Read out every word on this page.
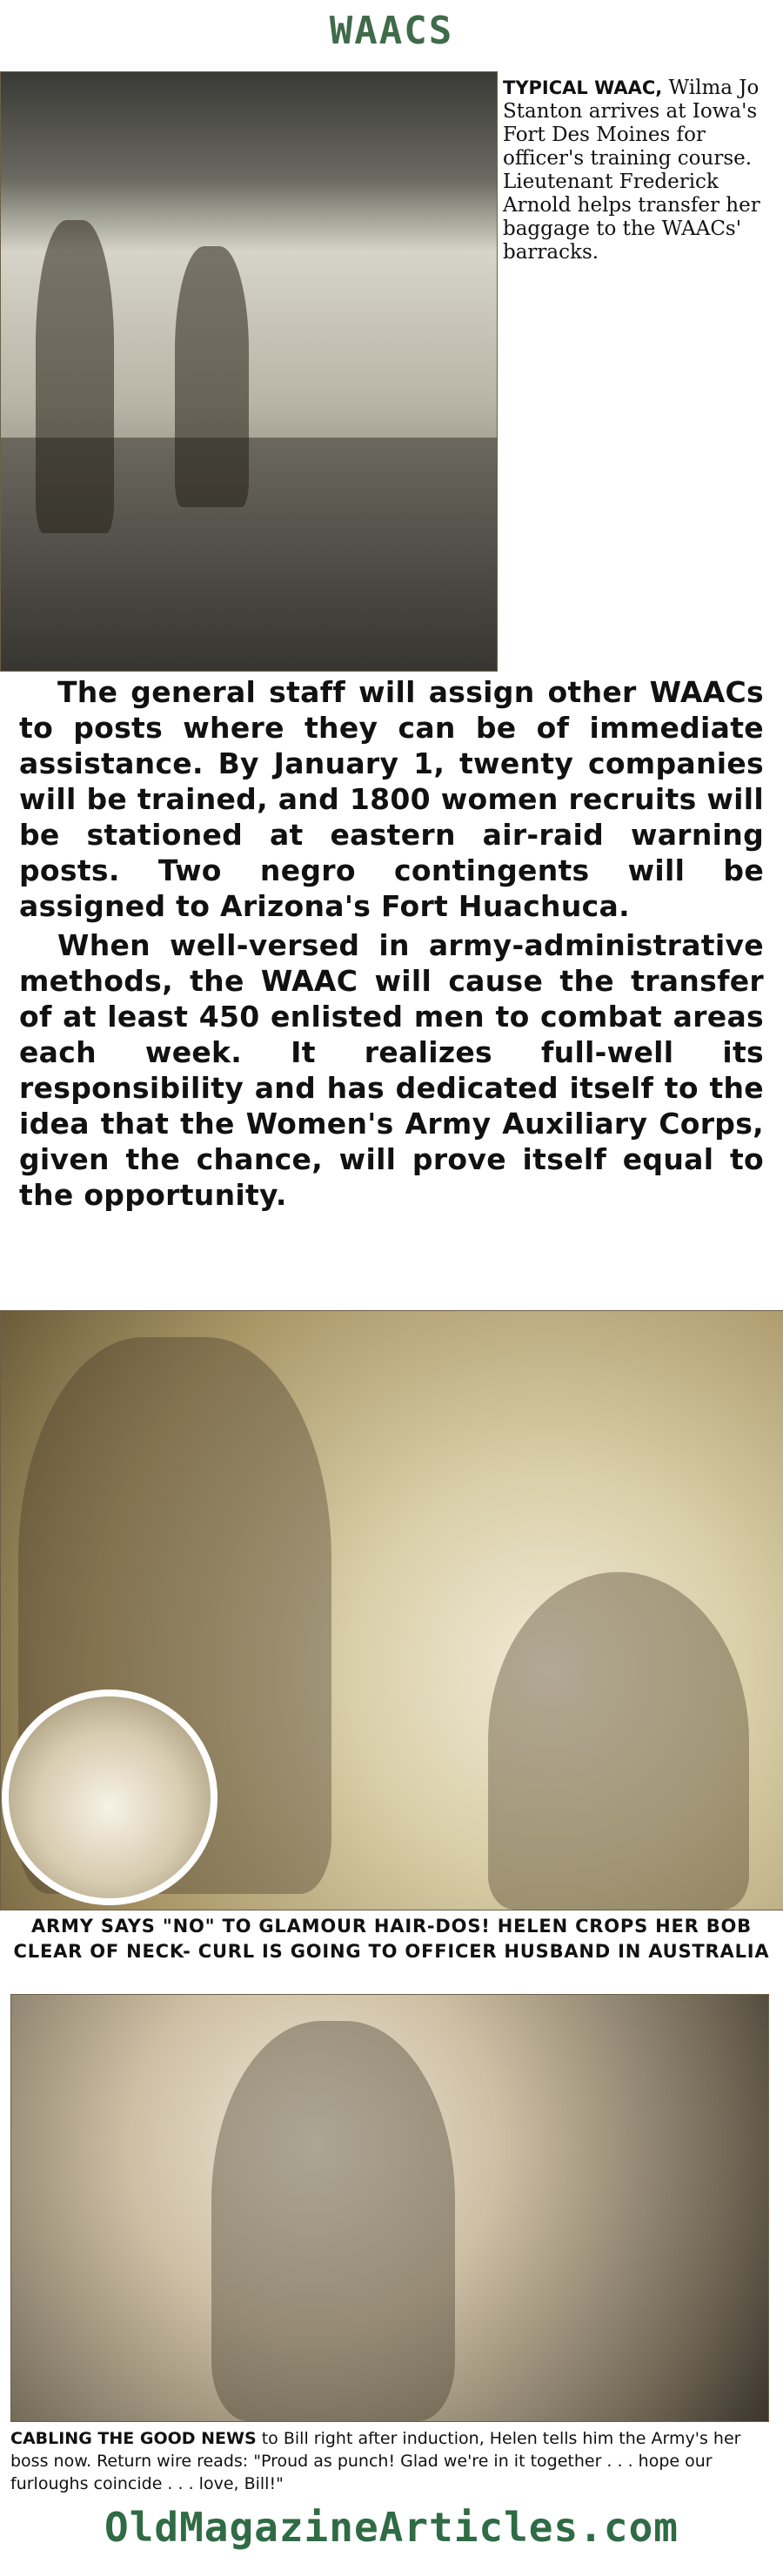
WAACS
TYPICAL WAAC, Wilma Jo Stanton arrives at Iowa's Fort Des Moines for officer's training course. Lieutenant Frederick Arnold helps transfer her baggage to the WAACs' barracks.

The general staff will assign other WAACs to posts where they can be of immediate assistance. By January 1, twenty companies will be trained, and 1800 women recruits will be stationed at eastern air-raid warning posts. Two negro contingents will be assigned to Arizona's Fort Huachuca.

When well-versed in army-administrative methods, the WAAC will cause the transfer of at least 450 enlisted men to combat areas each week. It realizes full-well its responsibility and has dedicated itself to the idea that the Women's Army Auxiliary Corps, given the chance, will prove itself equal to the opportunity.

ARMY SAYS "NO" TO GLAMOUR HAIR-DOS! HELEN CROPS HER BOB CLEAR OF NECK- CURL IS GOING TO OFFICER HUSBAND IN AUSTRALIA
CABLING THE GOOD NEWS to Bill right after induction, Helen tells him the Army's her boss now. Return wire reads: "Proud as punch! Glad we're in it together . . . hope our furloughs coincide . . . love, Bill!"
OldMagazineArticles.com
